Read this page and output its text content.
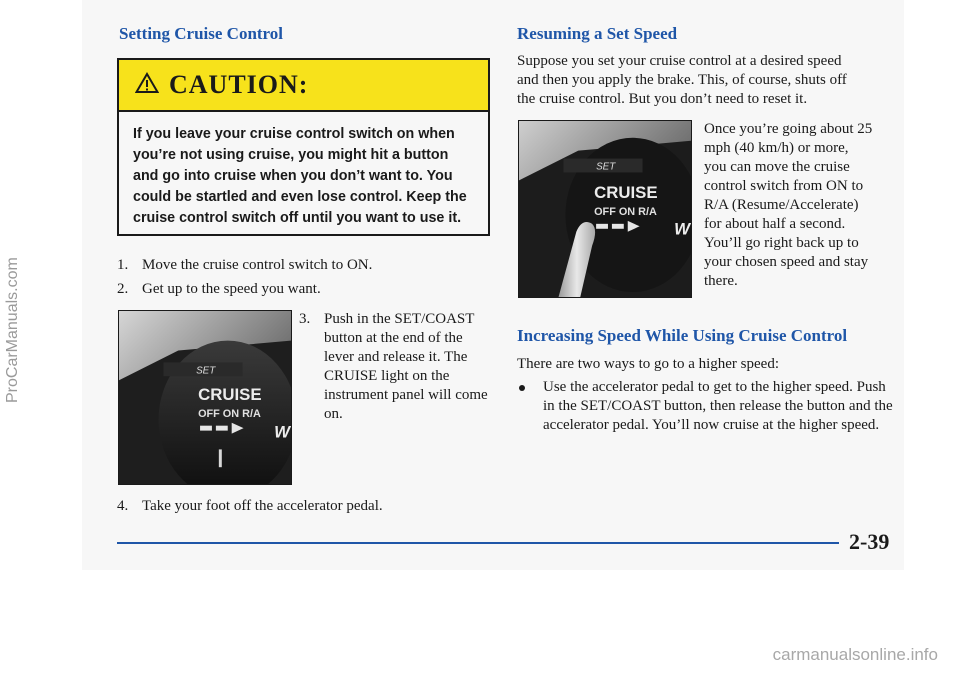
ProCarManuals.com
Setting Cruise Control
CAUTION:
If you leave your cruise control switch on when you’re not using cruise, you might hit a button and go into cruise when you don’t want to. You could be startled and even lose control. Keep the cruise control switch off until you want to use it.
1. Move the cruise control switch to ON.
2. Get up to the speed you want.
SET
CRUISE
OFF ON R/A
W
3. Push in the SET/COAST button at the end of the lever and release it. The CRUISE light on the instrument panel will come on.
4. Take your foot off the accelerator pedal.
Resuming a Set Speed
Suppose you set your cruise control at a desired speed and then you apply the brake. This, of course, shuts off the cruise control. But you don’t need to reset it.
SET
CRUISE
OFF ON R/A
W
Once you’re going about 25 mph (40 km/h) or more, you can move the cruise control switch from ON to R/A (Resume/Accelerate) for about half a second. You’ll go right back up to your chosen speed and stay there.
Increasing Speed While Using Cruise Control
There are two ways to go to a higher speed:
Use the accelerator pedal to get to the higher speed. Push in the SET/COAST button, then release the button and the accelerator pedal. You’ll now cruise at the higher speed.
2-39
carmanualsonline.info
